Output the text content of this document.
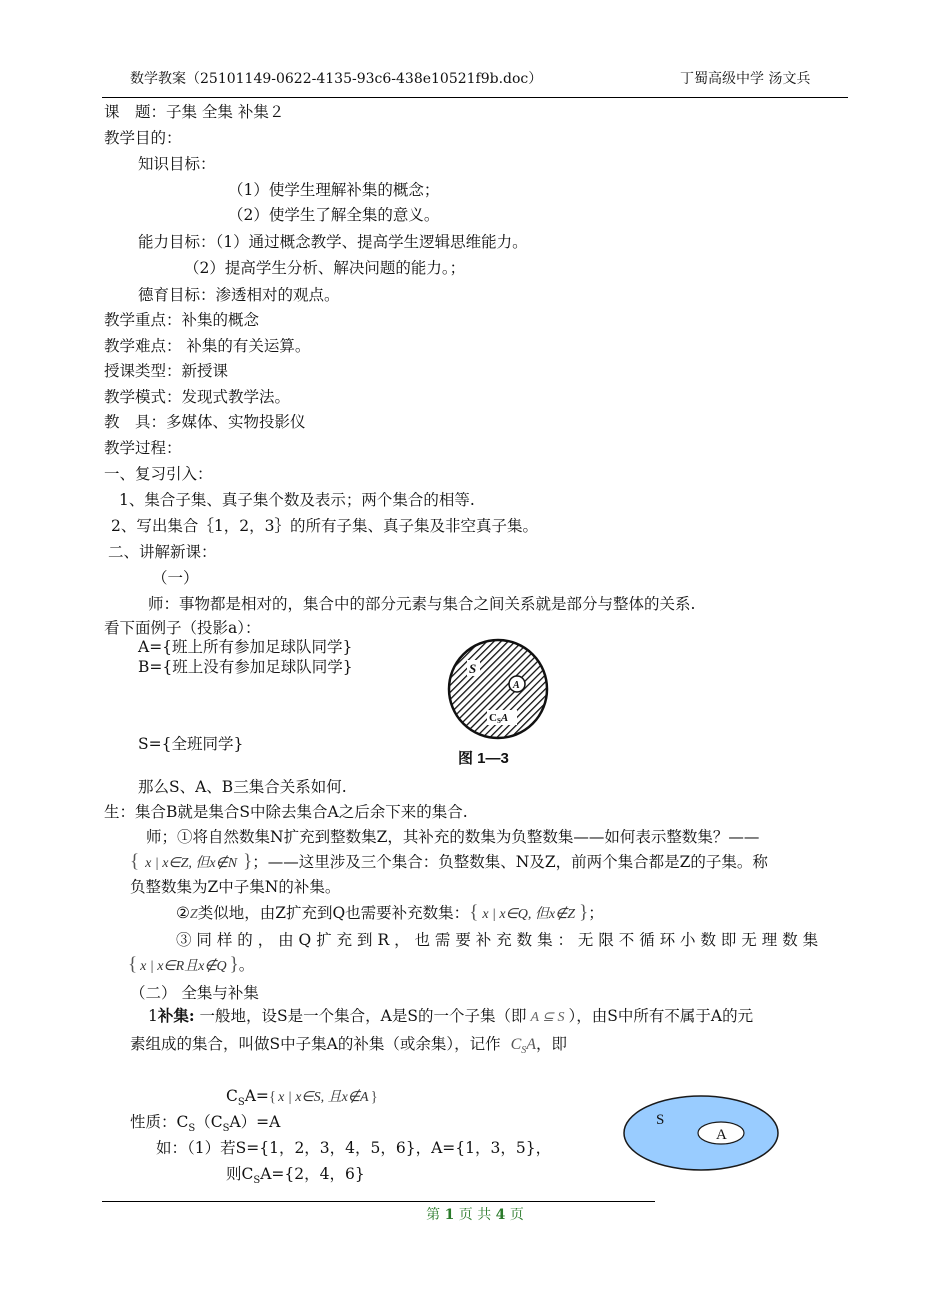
数学教案（25101149-0622-4135-93c6-438e10521f9b.doc）	丁蜀高级中学 汤文兵
课　题：子集 全集 补集２
教学目的：
知识目标：
（1）使学生理解补集的概念；
（2）使学生了解全集的意义。
能力目标：（1）通过概念教学、提高学生逻辑思维能力。
（2）提高学生分析、解决问题的能力。；
德育目标：渗透相对的观点。
教学重点：补集的概念
教学难点： 补集的有关运算。
授课类型：新授课
教学模式：发现式教学法。
教　具：多媒体、实物投影仪
教学过程：
一、复习引入：
1、集合子集、真子集个数及表示；两个集合的相等.
2、写出集合｛1，2，3｝的所有子集、真子集及非空真子集。
二、讲解新课：
（一）
师：事物都是相对的，集合中的部分元素与集合之间关系就是部分与整体的关系.
看下面例子（投影a）：
A={班上所有参加足球队同学}
B={班上没有参加足球队同学}
S={全班同学}
S
A
CSA
图 1—3
那么S、A、B三集合关系如何.
生：集合B就是集合S中除去集合A之后余下来的集合.
师；①将自然数集N扩充到整数集Z，其补充的数集为负整数集——如何表示整数集？——
{ x | x∈Z, 但x∉N }；——这里涉及三个集合：负整数集、N及Z，前两个集合都是Z的子集。称
负整数集为Z中子集N的补集。
②Z类似地，由Z扩充到Q也需要补充数集：{ x | x∈Q, 但x∉Z }；
③ 同 样 的 ， 由 Q 扩 充 到 R ， 也 需 要 补 充 数 集 ： 无 限 不 循 环 小 数 即 无 理 数 集
{ x | x∈R且x∉Q }。
（二） 全集与补集
1补集: 一般地，设S是一个集合，A是S的一个子集（即 A ⊆ S ），由S中所有不属于A的元
素组成的集合，叫做S中子集A的补集（或余集），记作 $C_SA$，即
$C_SA=${ x | x∈S, 且x∉A }
性质：$C_S(C_SA)=A$
如：（1）若S={1，2，3，4，5，6}，A={1，3，5}，
则$C_SA=\{2$，4，6}
S
A
第 1 页 共 4 页
